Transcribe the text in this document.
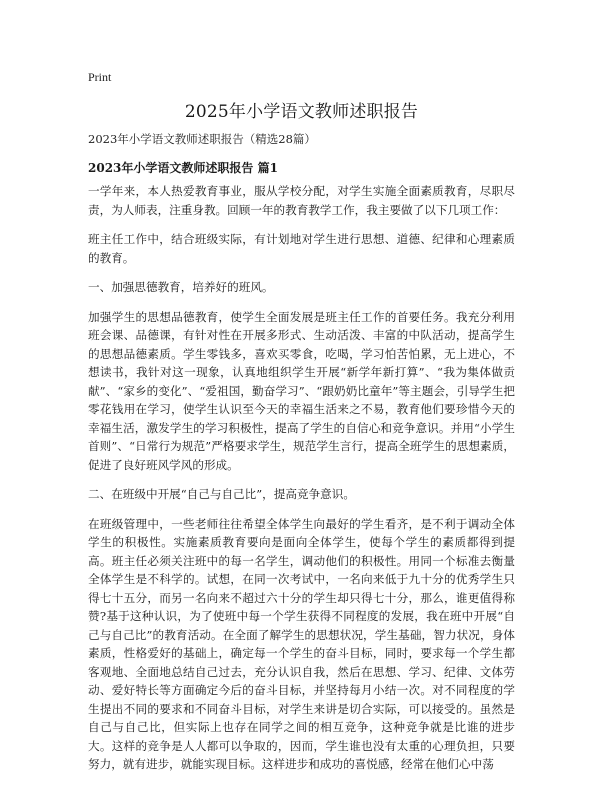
Print
2025年小学语文教师述职报告
2023年小学语文教师述职报告（精选28篇）
2023年小学语文教师述职报告 篇1

一学年来，本人热爱教育事业，服从学校分配，对学生实施全面素质教育，尽职尽责，为人师表，注重身教。回顾一年的教育教学工作，我主要做了以下几项工作：

班主任工作中，结合班级实际，有计划地对学生进行思想、道德、纪律和心理素质的教育。

一、加强思德教育，培养好的班风。

加强学生的思想品德教育，使学生全面发展是班主任工作的首要任务。我充分利用班会课、品德课，有针对性在开展多形式、生动活泼、丰富的中队活动，提高学生的思想品德素质。学生零钱多，喜欢买零食，吃喝，学习怕苦怕累，无上进心，不想读书，我针对这一现象，认真地组织学生开展“新学年新打算”、“我为集体做贡献”、“家乡的变化”、“爱祖国，勤奋学习”、“跟奶奶比童年”等主题会，引导学生把零花钱用在学习，使学生认识至今天的幸福生活来之不易，教育他们要珍惜今天的幸福生活，激发学生的学习积极性，提高了学生的自信心和竞争意识。并用“小学生首则”、“日常行为规范”严格要求学生，规范学生言行，提高全班学生的思想素质，促进了良好班风学风的形成。

二、在班级中开展“自己与自己比”，提高竞争意识。

在班级管理中，一些老师往往希望全体学生向最好的学生看齐，是不利于调动全体学生的积极性。实施素质教育要向是面向全体学生，使每个学生的素质都得到提高。班主任必须关注班中的每一名学生，调动他们的积极性。用同一个标准去衡量全体学生是不科学的。试想，在同一次考试中，一名向来低于九十分的优秀学生只得七十五分，而另一名向来不超过六十分的学生却只得七十分，那么，谁更值得称赞?基于这种认识，为了使班中每一个学生获得不同程度的发展，我在班中开展“自己与自己比”的教育活动。在全面了解学生的思想状况，学生基础，智力状况，身体素质，性格爱好的基础上，确定每一个学生的奋斗目标，同时，要求每一个学生都客观地、全面地总结自己过去，充分认识自我，然后在思想、学习、纪律、文体劳动、爱好特长等方面确定今后的奋斗目标，并坚持每月小结一次。对不同程度的学生提出不同的要求和不同奋斗目标，对学生来讲是切合实际，可以接受的。虽然是自己与自己比，但实际上也存在同学之间的相互竞争，这种竞争就是比谁的进步大。这样的竞争是人人都可以争取的，因而，学生谁也没有太重的心理负担，只要努力，就有进步，就能实现目标。这样进步和成功的喜悦感，经常在他们心中荡
